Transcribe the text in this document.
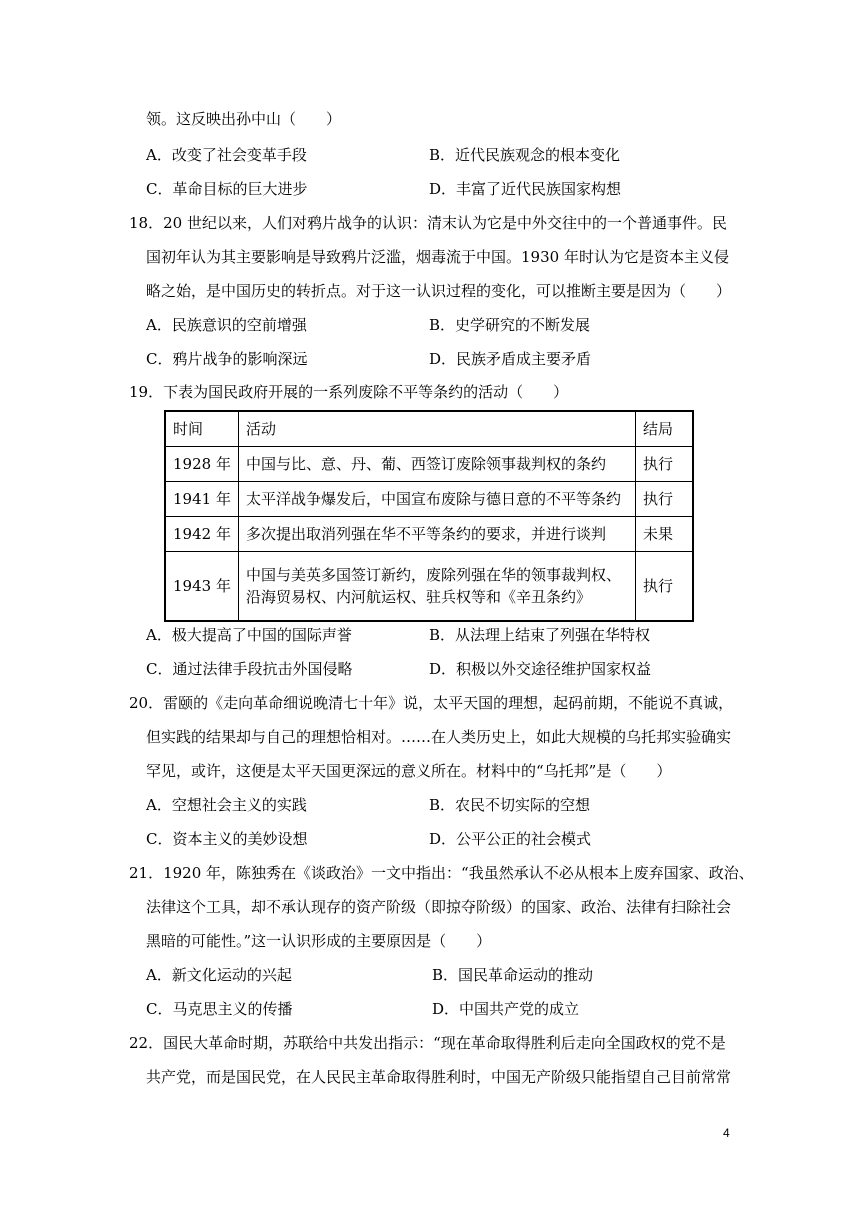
领。这反映出孙中山（　　）
A．改变了社会变革手段	B．近代民族观念的根本变化
C．革命目标的巨大进步	D．丰富了近代民族国家构想
18．20 世纪以来，人们对鸦片战争的认识：清末认为它是中外交往中的一个普通事件。民
国初年认为其主要影响是导致鸦片泛滥，烟毒流于中国。1930 年时认为它是资本主义侵
略之始，是中国历史的转折点。对于这一认识过程的变化，可以推断主要是因为（　　）
A．民族意识的空前增强	B．史学研究的不断发展
C．鸦片战争的影响深远	D．民族矛盾成主要矛盾
19．下表为国民政府开展的一系列废除不平等条约的活动（　　）
时间	活动	结局
1928 年	中国与比、意、丹、葡、西签订废除领事裁判权的条约	执行
1941 年	太平洋战争爆发后，中国宣布废除与德日意的不平等条约	执行
1942 年	多次提出取消列强在华不平等条约的要求，并进行谈判	未果
1943 年	中国与美英多国签订新约，废除列强在华的领事裁判权、
沿海贸易权、内河航运权、驻兵权等和《辛丑条约》	执行
A．极大提高了中国的国际声誉	B．从法理上结束了列强在华特权
C．通过法律手段抗击外国侵略	D．积极以外交途径维护国家权益
20．雷颐的《走向革命细说晚清七十年》说，太平天国的理想，起码前期，不能说不真诚，
但实践的结果却与自己的理想恰相对。……在人类历史上，如此大规模的乌托邦实验确实
罕见，或许，这便是太平天国更深远的意义所在。材料中的“乌托邦”是（　　）
A．空想社会主义的实践	B．农民不切实际的空想
C．资本主义的美妙设想	D．公平公正的社会模式
21．1920 年，陈独秀在《谈政治》一文中指出：“我虽然承认不必从根本上废弃国家、政治、
法律这个工具，却不承认现存的资产阶级（即掠夺阶级）的国家、政治、法律有扫除社会
黑暗的可能性。”这一认识形成的主要原因是（　　）
A．新文化运动的兴起	B．国民革命运动的推动
C．马克思主义的传播	D．中国共产党的成立
22．国民大革命时期，苏联给中共发出指示：“现在革命取得胜利后走向全国政权的党不是
共产党，而是国民党，在人民民主革命取得胜利时，中国无产阶级只能指望自己目前常常
4
